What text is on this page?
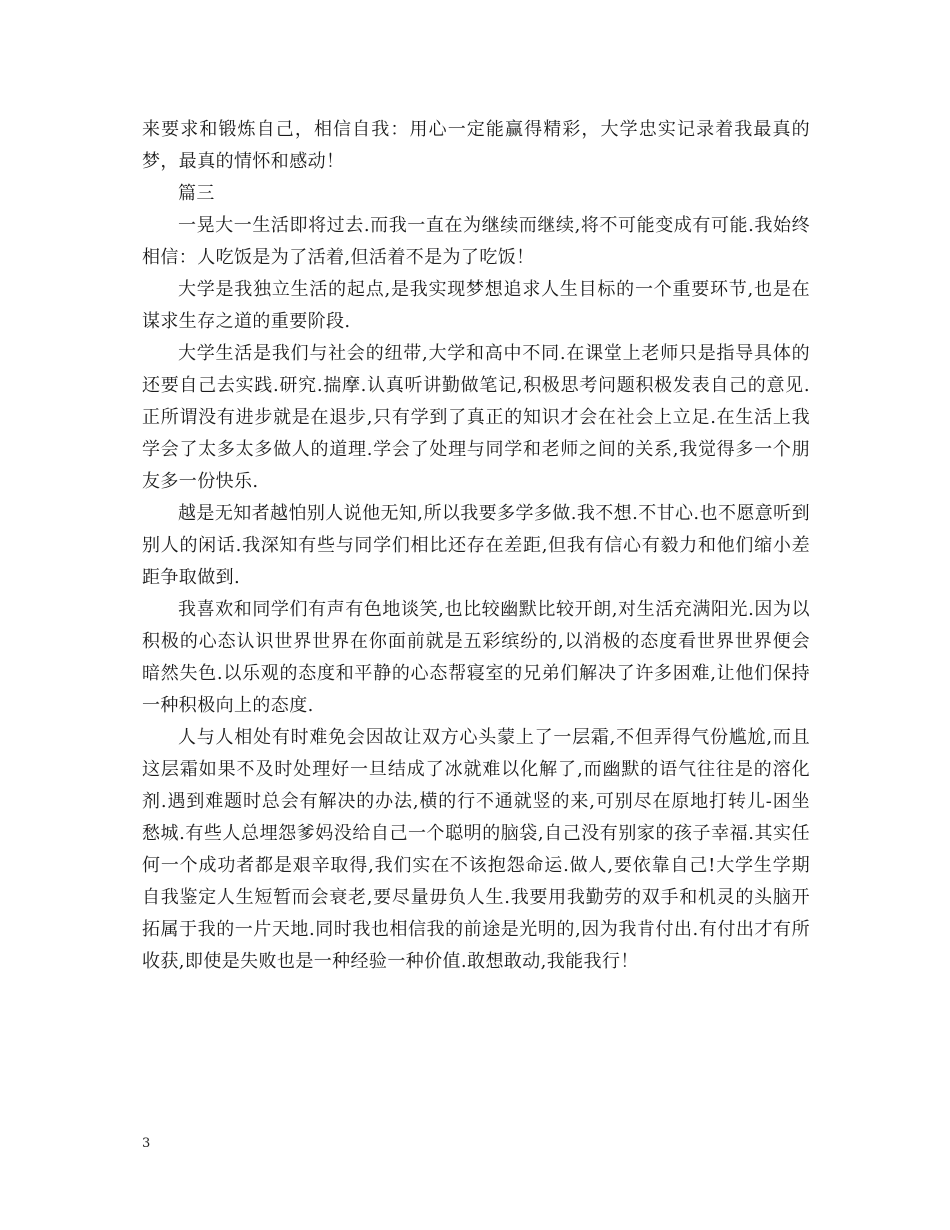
来要求和锻炼自己，相信自我：用心一定能赢得精彩，大学忠实记录着我最真的梦，最真的情怀和感动！

篇三

一晃大一生活即将过去.而我一直在为继续而继续,将不可能变成有可能.我始终相信：人吃饭是为了活着,但活着不是为了吃饭！

大学是我独立生活的起点,是我实现梦想追求人生目标的一个重要环节,也是在谋求生存之道的重要阶段.

大学生活是我们与社会的纽带,大学和高中不同.在课堂上老师只是指导具体的还要自己去实践.研究.揣摩.认真听讲勤做笔记,积极思考问题积极发表自己的意见.正所谓没有进步就是在退步,只有学到了真正的知识才会在社会上立足.在生活上我学会了太多太多做人的道理.学会了处理与同学和老师之间的关系,我觉得多一个朋友多一份快乐.

越是无知者越怕别人说他无知,所以我要多学多做.我不想.不甘心.也不愿意听到别人的闲话.我深知有些与同学们相比还存在差距,但我有信心有毅力和他们缩小差距争取做到.

我喜欢和同学们有声有色地谈笑,也比较幽默比较开朗,对生活充满阳光.因为以积极的心态认识世界世界在你面前就是五彩缤纷的,以消极的态度看世界世界便会暗然失色.以乐观的态度和平静的心态帮寝室的兄弟们解决了许多困难,让他们保持一种积极向上的态度.

人与人相处有时难免会因故让双方心头蒙上了一层霜,不但弄得气份尴尬,而且这层霜如果不及时处理好一旦结成了冰就难以化解了,而幽默的语气往往是的溶化剂.遇到难题时总会有解决的办法,横的行不通就竖的来,可别尽在原地打转儿-困坐愁城.有些人总埋怨爹妈没给自己一个聪明的脑袋,自己没有别家的孩子幸福.其实任何一个成功者都是艰辛取得,我们实在不该抱怨命运.做人,要依靠自己!大学生学期自我鉴定人生短暂而会衰老,要尽量毋负人生.我要用我勤劳的双手和机灵的头脑开拓属于我的一片天地.同时我也相信我的前途是光明的,因为我肯付出.有付出才有所收获,即使是失败也是一种经验一种价值.敢想敢动,我能我行！

3
